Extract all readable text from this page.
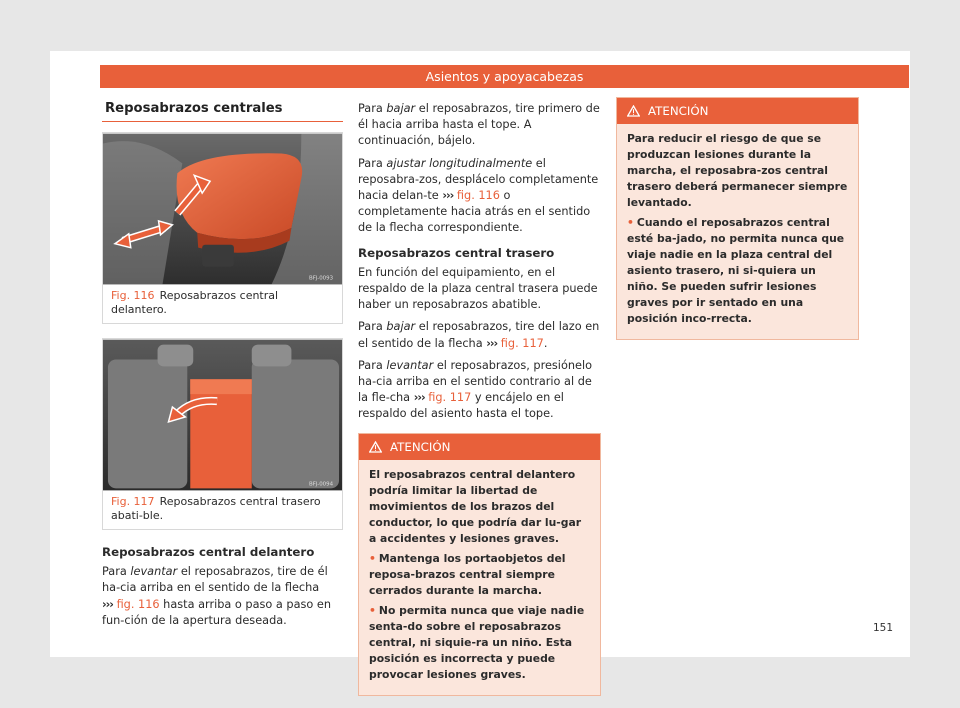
Asientos y apoyacabezas
Reposabrazos centrales
BFJ-0093
Fig. 116 Reposabrazos central delantero.
BFJ-0094
Fig. 117 Reposabrazos central trasero abati-ble.
Reposabrazos central delantero

Para levantar el reposabrazos, tire de él ha-cia arriba en el sentido de la flecha
››› fig. 116 hasta arriba o paso a paso en fun-ción de la apertura deseada.

Para bajar el reposabrazos, tire primero de él hacia arriba hasta el tope. A continuación, bájelo.

Para ajustar longitudinalmente el reposabra-zos, desplácelo completamente hacia delan-te ››› fig. 116 o completamente hacia atrás en el sentido de la flecha correspondiente.

Reposabrazos central trasero

En función del equipamiento, en el respaldo de la plaza central trasera puede haber un reposabrazos abatible.

Para bajar el reposabrazos, tire del lazo en el sentido de la flecha ››› fig. 117.

Para levantar el reposabrazos, presiónelo ha-cia arriba en el sentido contrario al de la fle-cha ››› fig. 117 y encájelo en el respaldo del asiento hasta el tope.

ATENCIÓN

El reposabrazos central delantero podría limitar la libertad de movimientos de los brazos del conductor, lo que podría dar lu-gar a accidentes y lesiones graves.

• Mantenga los portaobjetos del reposa-brazos central siempre cerrados durante la marcha.

• No permita nunca que viaje nadie senta-do sobre el reposabrazos central, ni siquie-ra un niño. Esta posición es incorrecta y puede provocar lesiones graves.

ATENCIÓN

Para reducir el riesgo de que se produzcan lesiones durante la marcha, el reposabra-zos central trasero deberá permanecer siempre levantado.

• Cuando el reposabrazos central esté ba-jado, no permita nunca que viaje nadie en la plaza central del asiento trasero, ni si-quiera un niño. Se pueden sufrir lesiones graves por ir sentado en una posición inco-rrecta.

151
